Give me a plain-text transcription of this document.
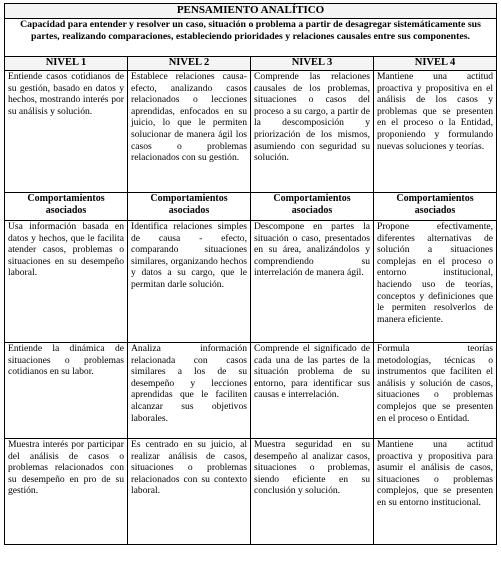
PENSAMIENTO ANALÍTICO			
Capacidad para entender y resolver un caso, situación o problema a partir de desagregar sistemáticamente sus partes, realizando comparaciones, estableciendo prioridades y relaciones causales entre sus componentes.			
NIVEL 1	NIVEL 2	NIVEL 3	NIVEL 4
Entiende casos cotidianos de su gestión, basado en datos y hechos, mostrando interés por su análisis y solución.	Establece relaciones causa-efecto, analizando casos relacionados o lecciones aprendidas, enfocados en su juicio, lo que le permiten solucionar de manera ágil los casos o problemas relacionados con su gestión.	Comprende las relaciones causales de los problemas, situaciones o casos del proceso a su cargo, a partir de la descomposición y priorización de los mismos, asumiendo con seguridad su solución.	Mantiene una actitud proactiva y propositiva en el análisis de los casos y problemas que se presenten en el proceso o la Entidad, proponiendo y formulando nuevas soluciones y teorías.
Comportamientos asociados	Comportamientos asociados	Comportamientos asociados	Comportamientos asociados
Usa información basada en datos y hechos, que le facilita atender casos, problemas o situaciones en su desempeño laboral.	Identifica relaciones simples de causa - efecto, comparando situaciones similares, organizando hechos y datos a su cargo, que le permitan darle solución.	Descompone en partes la situación o caso, presentados en su área, analizándolos y comprendiendo su interrelación de manera ágil.	Propone efectivamente, diferentes alternativas de solución a situaciones complejas en el proceso o entorno institucional, haciendo uso de teorías, conceptos y definiciones que le permiten resolverlos de manera eficiente.
Entiende la dinámica de situaciones o problemas cotidianos en su labor.	Analiza información relacionada con casos similares a los de su desempeño y lecciones aprendidas que le faciliten alcanzar sus objetivos laborales.	Comprende el significado de cada una de las partes de la situación problema de su entorno, para identificar sus causas e interrelación.	Formula teorías metodologías, técnicas o instrumentos que faciliten el análisis y solución de casos, situaciones o problemas complejos que se presenten en el proceso o Entidad.
Muestra interés por participar del análisis de casos o problemas relacionados con su desempeño en pro de su gestión.	Es centrado en su juicio, al realizar análisis de casos, situaciones o problemas relacionados con su contexto laboral.	Muestra seguridad en su desempeño al analizar casos, situaciones o problemas, siendo eficiente en su conclusión y solución.	Mantiene una actitud proactiva y propositiva para asumir el análisis de casos, situaciones o problemas complejos, que se presenten en su entorno institucional.
